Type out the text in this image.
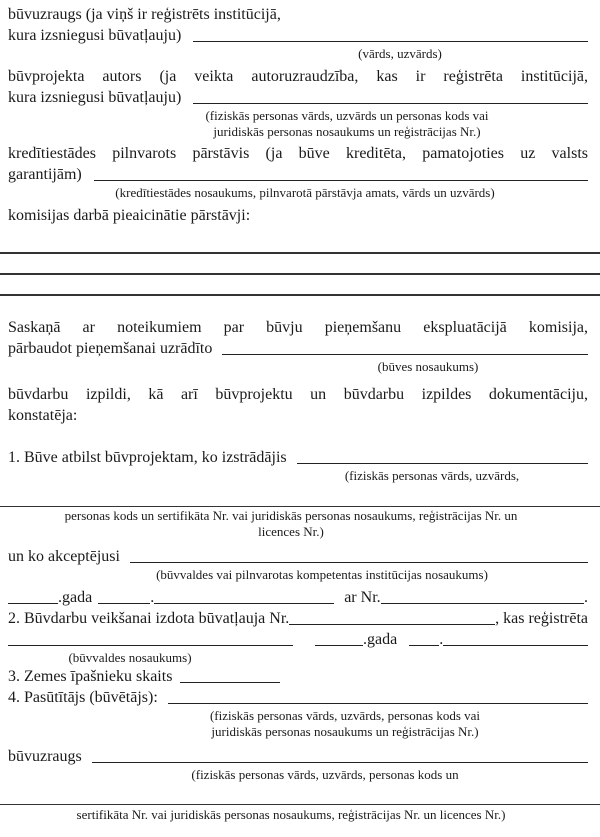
būvuzraugs (ja viņš ir reģistrēts institūcijā,
kura izsniegusi būvatļauju)
(vārds, uzvārds)
būvprojekta autors (ja veikta autoruzraudzība, kas ir reģistrēta institūcijā,
kura izsniegusi būvatļauju)
(fiziskās personas vārds, uzvārds un personas kods vai
juridiskās personas nosaukums un reģistrācijas Nr.)
kredītiestādes pilnvarots pārstāvis (ja būve kreditēta, pamatojoties uz valsts
garantijām)
(kredītiestādes nosaukums, pilnvarotā pārstāvja amats, vārds un uzvārds)
komisijas darbā pieaicinātie pārstāvji:
Saskaņā ar noteikumiem par būvju pieņemšanu ekspluatācijā komisija,
pārbaudot pieņemšanai uzrādīto
(būves nosaukums)
būvdarbu izpildi, kā arī būvprojektu un būvdarbu izpildes dokumentāciju,
konstatēja:
1. Būve atbilst būvprojektam, ko izstrādājis
(fiziskās personas vārds, uzvārds,
personas kods un sertifikāta Nr. vai juridiskās personas nosaukums, reģistrācijas Nr. un
licences Nr.)
un ko akceptējusi
(būvvaldes vai pilnvarotas kompetentas institūcijas nosaukums)
.gada	.	ar Nr.	.
2. Būvdarbu veikšanai izdota būvatļauja Nr.	, kas reģistrēta
.gada	.
(būvvaldes nosaukums)
3. Zemes īpašnieku skaits
4. Pasūtītājs (būvētājs):
(fiziskās personas vārds, uzvārds, personas kods vai
juridiskās personas nosaukums un reģistrācijas Nr.)
būvuzraugs
(fiziskās personas vārds, uzvārds, personas kods un
sertifikāta Nr. vai juridiskās personas nosaukums, reģistrācijas Nr. un licences Nr.)
